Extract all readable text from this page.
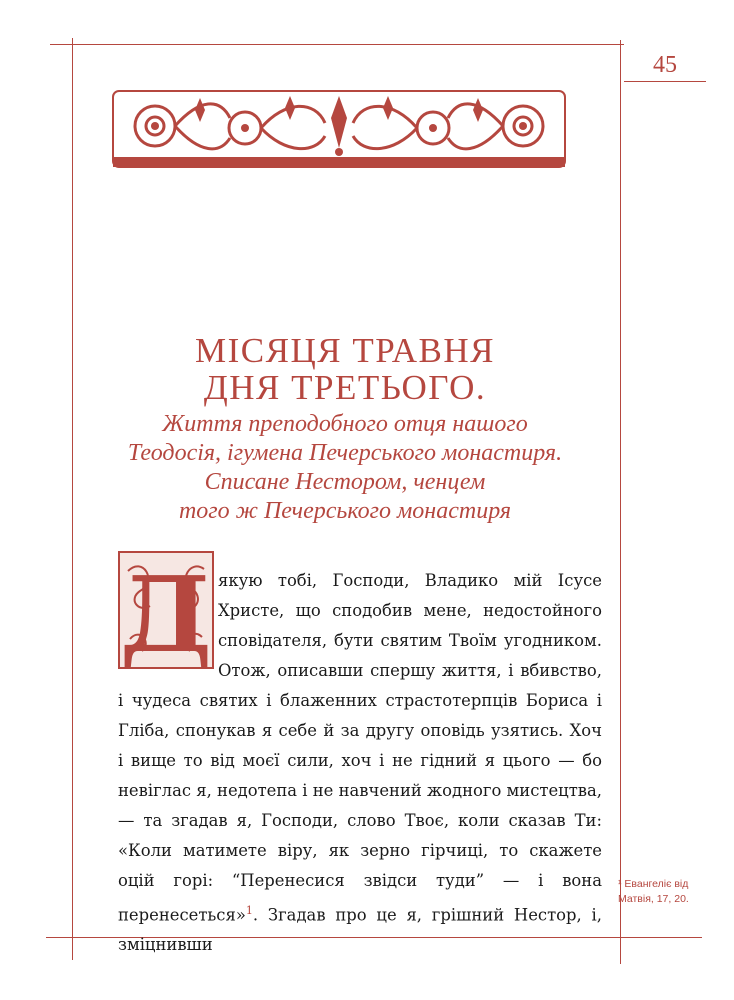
45
МІСЯЦЯ ТРАВНЯ
ДНЯ ТРЕТЬОГО.
Життя преподобного отця нашого
Теодосія, ігумена Печерського монастиря.
Списане Нестором, ченцем
того ж Печерського монастиря
Д якую тобі, Господи, Владико мій Ісусе Христе, що сподобив мене, недостойного сповідателя, бути святим Твоїм угодником. Отож, описавши спершу життя, і вбивство, і чудеса святих і блаженних страстотерпців Бориса і Гліба, спонукав я себе й за другу оповідь узятись. Хоч і вище то від моєї сили, хоч і не гідний я цього — бо невіглас я, недотепа і не навчений жодного мистецтва, — та згадав я, Господи, слово Твоє, коли сказав Ти: «Коли матимете віру, як зерно гірчиці, то скажете оцій горі: “Перенесися звідси туди” — і вона перенесеться»$^1$. Згадав про це я, грішний Нестор, і, зміцнивши
¹ Евангеліє від Матвія, 17, 20.
